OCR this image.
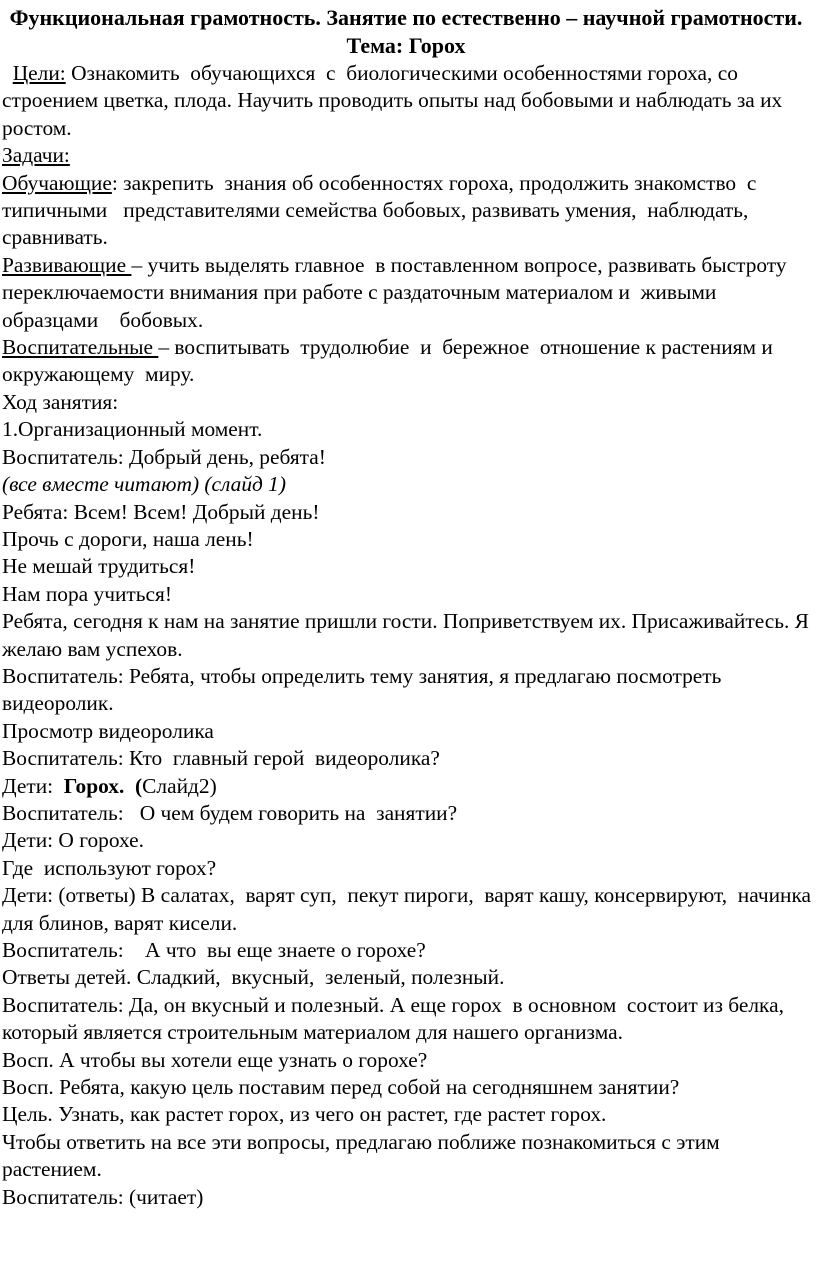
Функциональная грамотность. Занятие по естественно – научной грамотности. Тема: Горох

Цели: Ознакомить  обучающихся  с  биологическими особенностями гороха, со  строением цветка, плода. Научить проводить опыты над бобовыми и наблюдать за их ростом.

Задачи:

Обучающие: закрепить  знания об особенностях гороха, продолжить знакомство  с  типичными   представителями семейства бобовых, развивать умения,  наблюдать, сравнивать.

Развивающие – учить выделять главное  в поставленном вопросе, развивать быстроту  переключаемости внимания при работе с раздаточным материалом и  живыми образцами    бобовых.

Воспитательные – воспитывать  трудолюбие  и  бережное  отношение к растениям и  окружающему  миру.

Ход занятия:

1.Организационный момент.

Воспитатель: Добрый день, ребята!

(все вместе читают) (слайд 1)

Ребята: Всем! Всем! Добрый день!

Прочь с дороги, наша лень!

Не мешай трудиться!

Нам пора учиться!

Ребята, сегодня к нам на занятие пришли гости. Поприветствуем их. Присаживайтесь. Я желаю вам успехов.

Воспитатель: Ребята, чтобы определить тему занятия, я предлагаю посмотреть видеоролик.

Просмотр видеоролика

Воспитатель: Кто  главный герой  видеоролика?

Дети:  Горох.  (Слайд2)

Воспитатель:   О чем будем говорить на  занятии?

Дети: О горохе.

Где  используют горох?

Дети: (ответы) В салатах,  варят суп,  пекут пироги,  варят кашу, консервируют,  начинка для блинов, варят кисели.

Воспитатель:    А что  вы еще знаете о горохе?

Ответы детей. Сладкий,  вкусный,  зеленый, полезный.

Воспитатель: Да, он вкусный и полезный. А еще горох  в основном  состоит из белка, который является строительным материалом для нашего организма.

Восп. А чтобы вы хотели еще узнать о горохе?

Восп. Ребята, какую цель поставим перед собой на сегодняшнем занятии?

Цель. Узнать, как растет горох, из чего он растет, где растет горох.

Чтобы ответить на все эти вопросы, предлагаю поближе познакомиться с этим растением.

Воспитатель: (читает)
